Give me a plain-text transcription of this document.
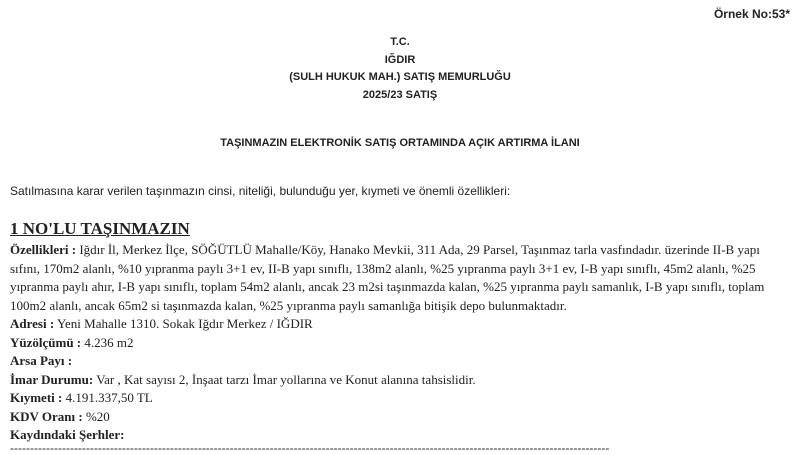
Örnek No:53*
T.C.
IĞDIR
(SULH HUKUK MAH.) SATIŞ MEMURLUĞU
2025/23 SATIŞ
TAŞINMAZIN ELEKTRONİK SATIŞ ORTAMINDA AÇIK ARTIRMA İLANI
Satılmasına karar verilen taşınmazın cinsi, niteliği, bulunduğu yer, kıymeti ve önemli özellikleri:
1 NO'LU TAŞINMAZIN

Özellikleri : Iğdır İl, Merkez İlçe, SÖĞÜTLÜ Mahalle/Köy, Hanako Mevkii, 311 Ada, 29 Parsel, Taşınmaz tarla vasfındadır. üzerinde II-B yapı sıfını, 170m2 alanlı, %10 yıpranma paylı 3+1 ev, II-B yapı sınıflı, 138m2 alanlı, %25 yıpranma paylı 3+1 ev, I-B yapı sınıflı, 45m2 alanlı, %25 yıpranma paylı ahır, I-B yapı sınıflı, toplam 54m2 alanlı, ancak 23 m2si taşınmazda kalan, %25 yıpranma paylı samanlık, I-B yapı sınıflı, toplam 100m2 alanlı, ancak 65m2 si taşınmazda kalan, %25 yıpranma paylı samanlığa bitişik depo bulunmaktadır.

Adresi : Yeni Mahalle 1310. Sokak Iğdır Merkez / IĞDIR

Yüzölçümü : 4.236 m2

Arsa Payı :

İmar Durumu: Var , Kat sayısı 2, İnşaat tarzı İmar yollarına ve Konut alanına tahsislidir.

Kıymeti : 4.191.337,50 TL

KDV Oranı : %20

Kaydındaki Şerhler:

------------------------------------------------------------------------------------------------------------------------------------------------------
